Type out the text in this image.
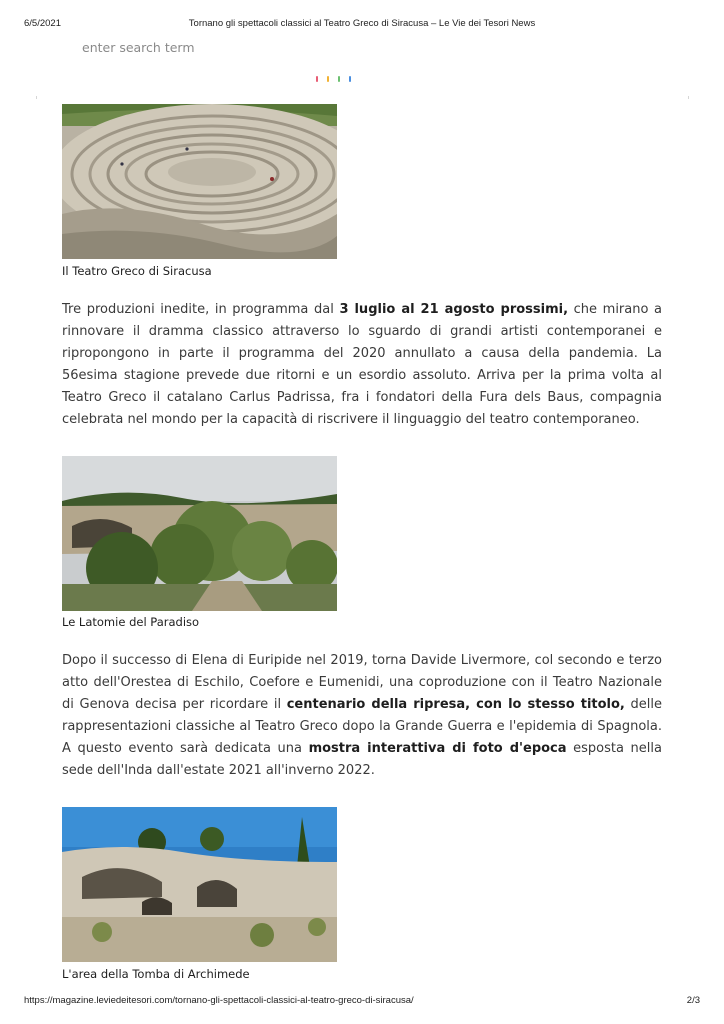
6/5/2021	Tornano gli spettacoli classici al Teatro Greco di Siracusa – Le Vie dei Tesori News
enter search term
Il Teatro Greco di Siracusa

Tre produzioni inedite, in programma dal 3 luglio al 21 agosto prossimi, che mirano a rinnovare il dramma classico attraverso lo sguardo di grandi artisti contemporanei e ripropongono in parte il programma del 2020 annullato a causa della pandemia. La 56esima stagione prevede due ritorni e un esordio assoluto. Arriva per la prima volta al Teatro Greco il catalano Carlus Padrissa, fra i fondatori della Fura dels Baus, compagnia celebrata nel mondo per la capacità di riscrivere il linguaggio del teatro contemporaneo.

Le Latomie del Paradiso

Dopo il successo di Elena di Euripide nel 2019, torna Davide Livermore, col secondo e terzo atto dell'Orestea di Eschilo, Coefore e Eumenidi, una coproduzione con il Teatro Nazionale di Genova decisa per ricordare il centenario della ripresa, con lo stesso titolo, delle rappresentazioni classiche al Teatro Greco dopo la Grande Guerra e l'epidemia di Spagnola. A questo evento sarà dedicata una mostra interattiva di foto d'epoca esposta nella sede dell'Inda dall'estate 2021 all'inverno 2022.

L'area della Tomba di Archimede
https://magazine.leviedeitesori.com/tornano-gli-spettacoli-classici-al-teatro-greco-di-siracusa/	2/3
